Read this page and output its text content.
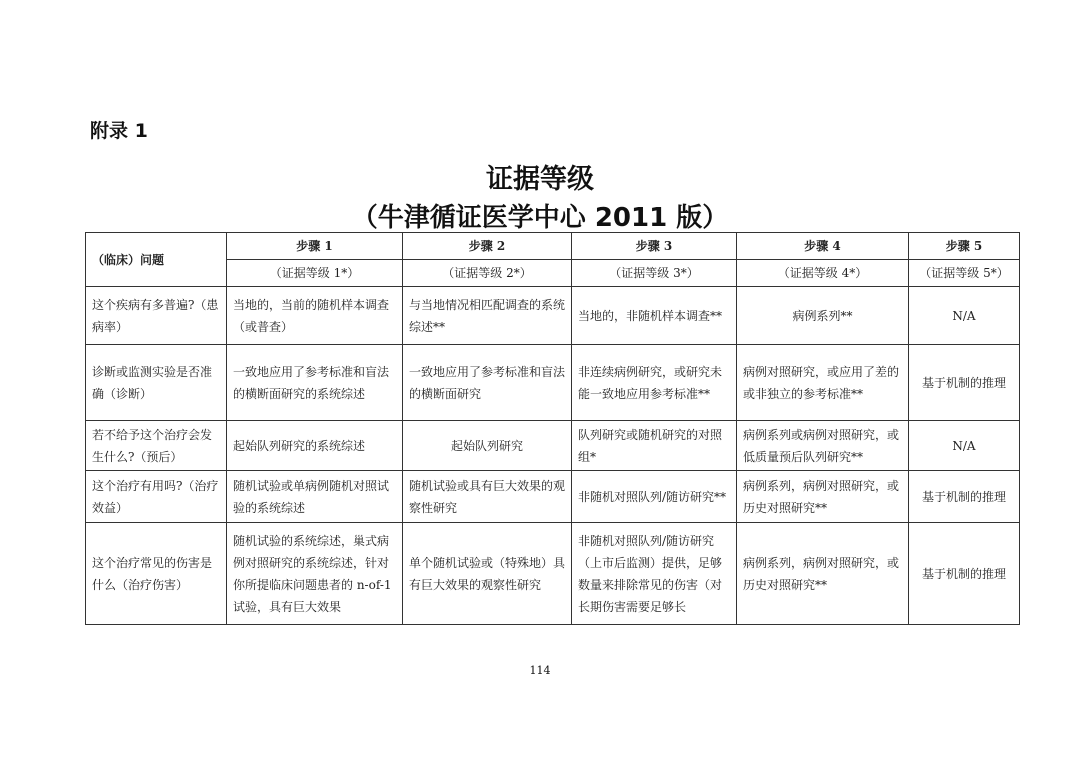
附录 1
证据等级
（牛津循证医学中心 2011 版）
（临床）问题	步骤 1	步骤 2	步骤 3	步骤 4	步骤 5
	（证据等级 1*）	（证据等级 2*）	（证据等级 3*）	（证据等级 4*）	（证据等级 5*）
这个疾病有多普遍?（患病率）	当地的，当前的随机样本调查（或普查）	与当地情况相匹配调查的系统综述**	当地的，非随机样本调查**	病例系列**	N/A
诊断或监测实验是否准确（诊断）	一致地应用了参考标准和盲法的横断面研究的系统综述	一致地应用了参考标准和盲法的横断面研究	非连续病例研究，或研究未能一致地应用参考标准**	病例对照研究，或应用了差的或非独立的参考标准**	基于机制的推理
若不给予这个治疗会发生什么?（预后）	起始队列研究的系统综述	起始队列研究	队列研究或随机研究的对照组*	病例系列或病例对照研究，或低质量预后队列研究**	N/A
这个治疗有用吗?（治疗效益）	随机试验或单病例随机对照试验的系统综述	随机试验或具有巨大效果的观察性研究	非随机对照队列/随访研究**	病例系列，病例对照研究，或历史对照研究**	基于机制的推理
这个治疗常见的伤害是什么（治疗伤害）	随机试验的系统综述，巢式病例对照研究的系统综述，针对你所提临床问题患者的 n-of-1 试验，具有巨大效果	单个随机试验或（特殊地）具有巨大效果的观察性研究	非随机对照队列/随访研究（上市后监测）提供，足够数量来排除常见的伤害（对长期伤害需要足够长	病例系列，病例对照研究，或历史对照研究**	基于机制的推理
114
